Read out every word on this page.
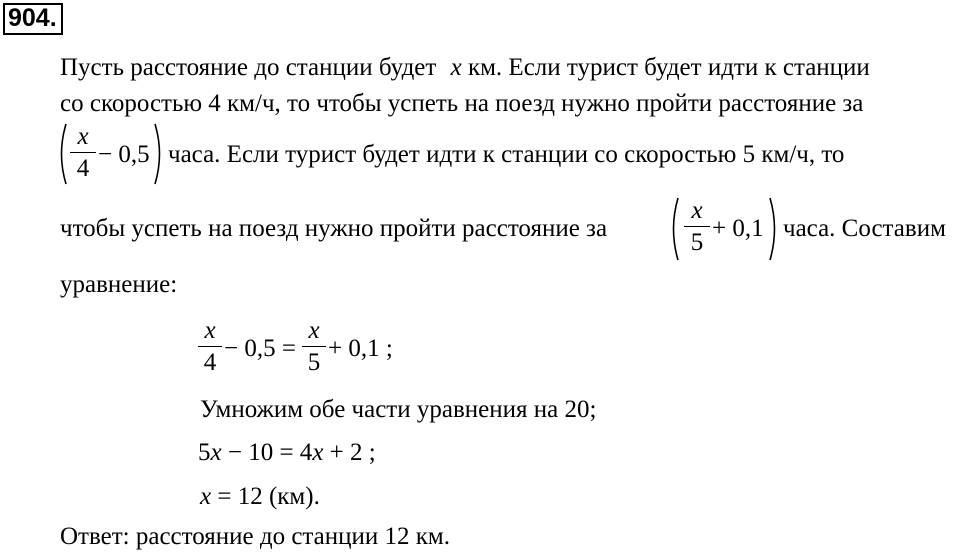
904.
Пусть расстояние до станции будет x км. Если турист будет идти к станции
со скоростью 4 км/ч, то чтобы успеть на поезд нужно пройти расстояние за
x
4
− 0,5 часа. Если турист будет идти к станции со скоростью 5 км/ч, то
чтобы успеть на поезд нужно пройти расстояние за
x
5
+ 0,1 часа. Составим
уравнение:
x
4
− 0,5 =
x
5
+ 0,1 ;
Умножим обе части уравнения на 20;
5x − 10 = 4x + 2 ;
x = 12 (км).
Ответ: расстояние до станции 12 км.
